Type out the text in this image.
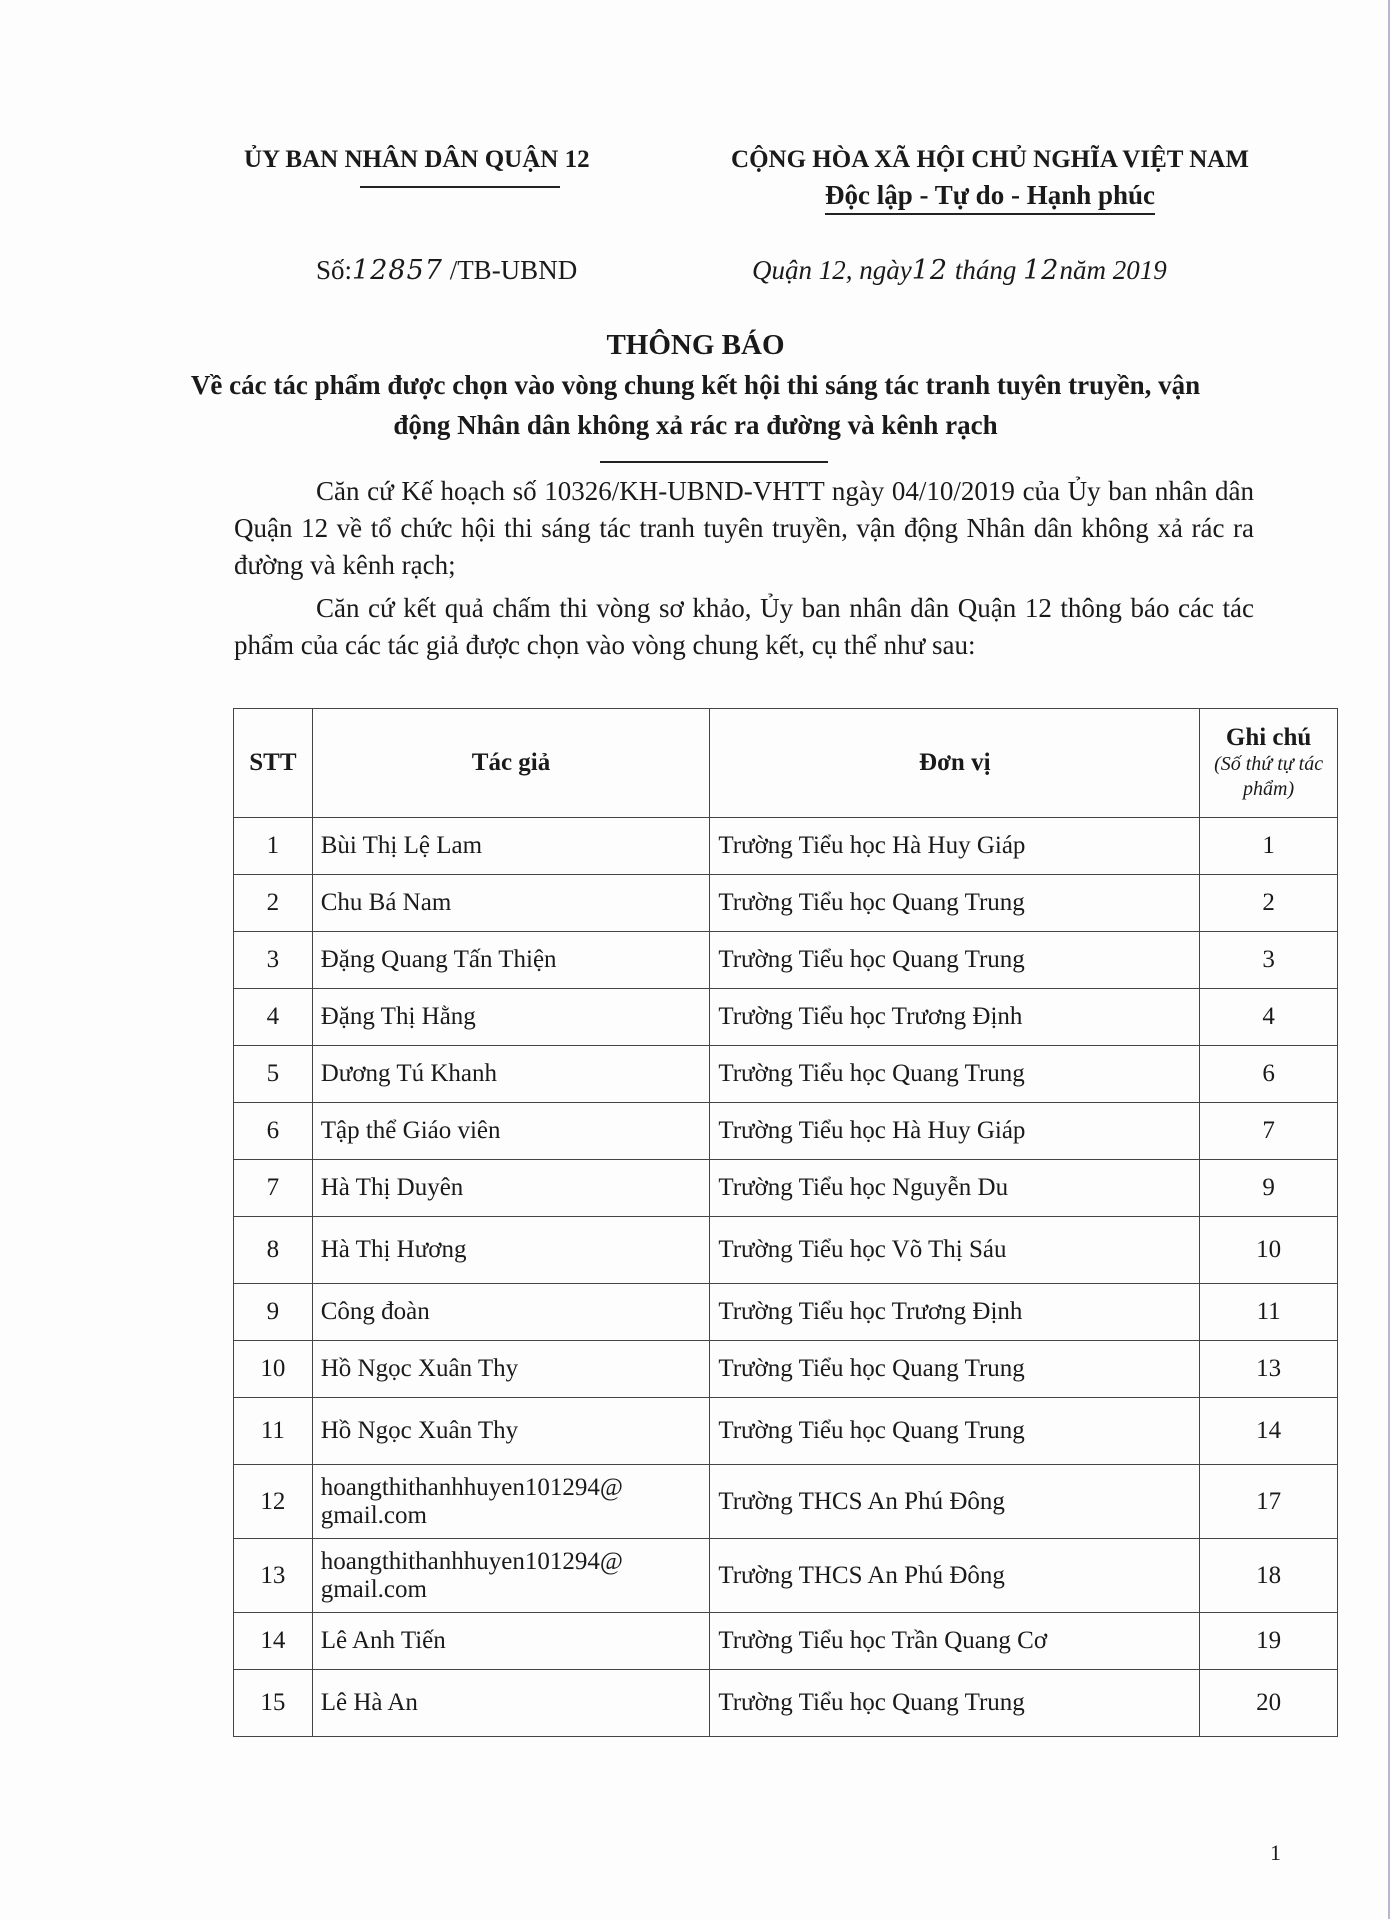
ỦY BAN NHÂN DÂN QUẬN 12	CỘNG HÒA XÃ HỘI CHỦ NGHĨA VIỆT NAM
Độc lập - Tự do - Hạnh phúc
Số:12857 /TB-UBND	Quận 12, ngày12 tháng 12năm 2019
THÔNG BÁO
Về các tác phẩm được chọn vào vòng chung kết hội thi sáng tác tranh tuyên truyền, vận động Nhân dân không xả rác ra đường và kênh rạch

Căn cứ Kế hoạch số 10326/KH-UBND-VHTT ngày 04/10/2019 của Ủy ban nhân dân Quận 12 về tổ chức hội thi sáng tác tranh tuyên truyền, vận động Nhân dân không xả rác ra đường và kênh rạch;

Căn cứ kết quả chấm thi vòng sơ khảo, Ủy ban nhân dân Quận 12 thông báo các tác phẩm của các tác giả được chọn vào vòng chung kết, cụ thể như sau:

STT	Tác giả	Đơn vị	Ghi chú
(Số thứ tự tác phẩm)

1	Bùi Thị Lệ Lam	Trường Tiểu học Hà Huy Giáp	1
2	Chu Bá Nam	Trường Tiểu học Quang Trung	2
3	Đặng Quang Tấn Thiện	Trường Tiểu học Quang Trung	3
4	Đặng Thị Hằng	Trường Tiểu học Trương Định	4
5	Dương Tú Khanh	Trường Tiểu học Quang Trung	6
6	Tập thể Giáo viên	Trường Tiểu học Hà Huy Giáp	7
7	Hà Thị Duyên	Trường Tiểu học Nguyễn Du	9
8	Hà Thị Hương	Trường Tiểu học Võ Thị Sáu	10
9	Công đoàn	Trường Tiểu học Trương Định	11
10	Hồ Ngọc Xuân Thy	Trường Tiểu học Quang Trung	13
11	Hồ Ngọc Xuân Thy	Trường Tiểu học Quang Trung	14
12	hoangthithanhhuyen101294@ gmail.com	Trường THCS An Phú Đông	17
13	hoangthithanhhuyen101294@ gmail.com	Trường THCS An Phú Đông	18
14	Lê Anh Tiến	Trường Tiểu học Trần Quang Cơ	19
15	Lê Hà An	Trường Tiểu học Quang Trung	20
1
